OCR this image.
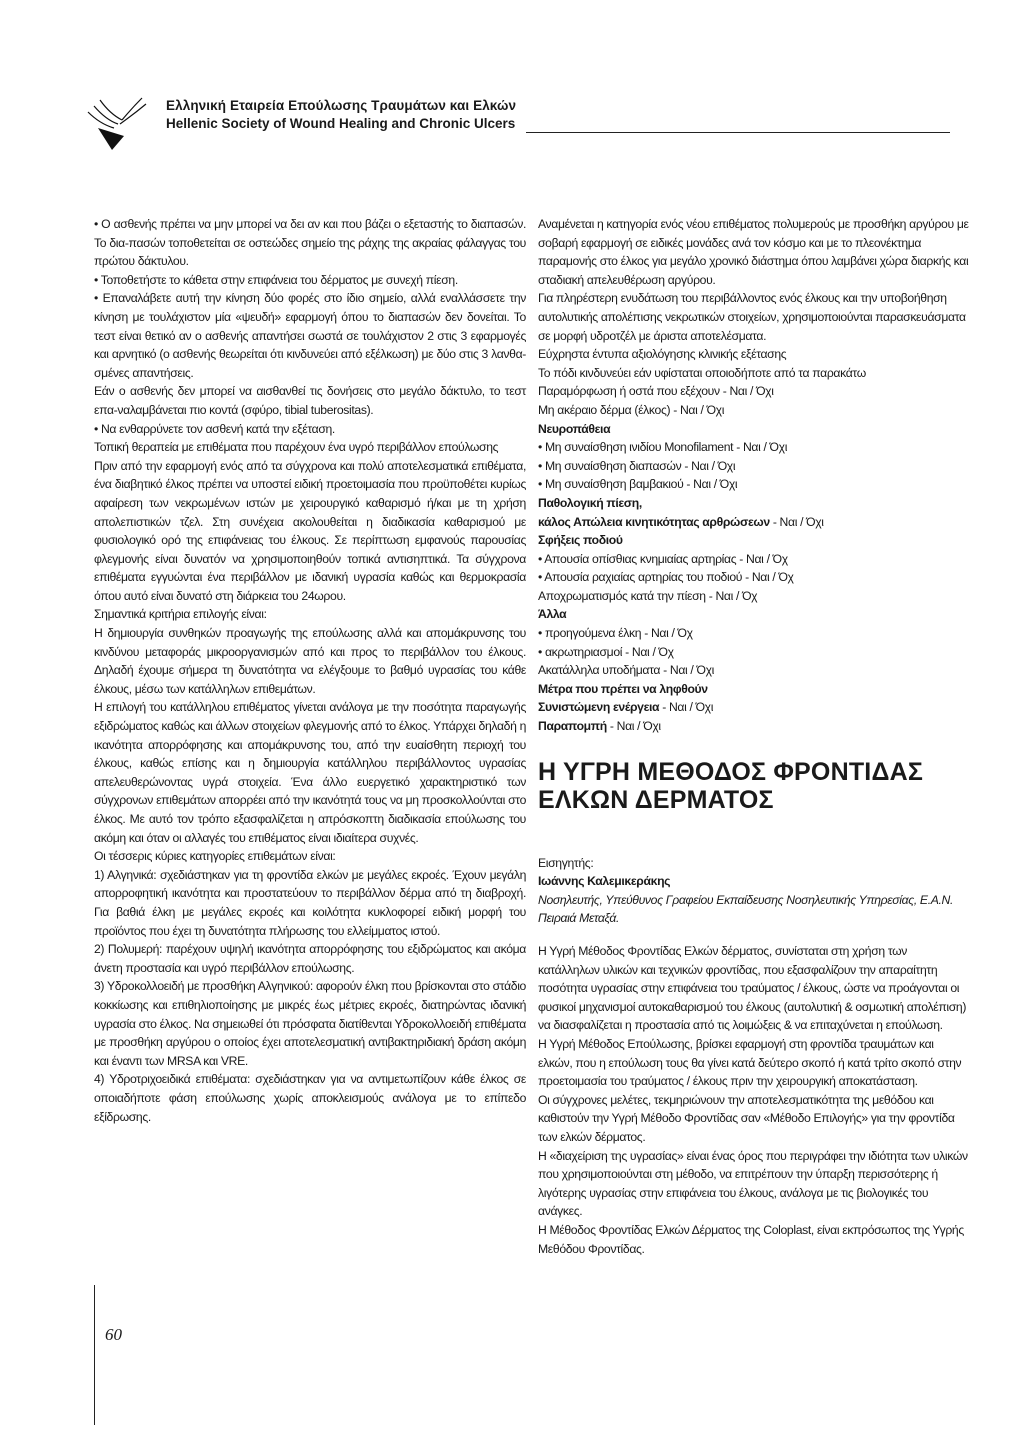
Ελληνική Εταιρεία Επούλωσης Τραυμάτων και Ελκών
Hellenic Society of Wound Healing and Chronic Ulcers

• Ο ασθενής πρέπει να μην μπορεί να δει αν και που βάζει ο εξεταστής το διαπασών. Το δια-πασών τοποθετείται σε οστεώδες σημείο της ράχης της ακραίας φάλαγγας του πρώτου δάκτυλου.

• Τοποθετήστε το κάθετα στην επιφάνεια του δέρματος με συνεχή πίεση.

• Επαναλάβετε αυτή την κίνηση δύο φορές στο ίδιο σημείο, αλλά εναλλάσσετε την κίνηση με τουλάχιστον μία «ψευδή» εφαρμογή όπου το διαπασών δεν δονείται. Το τεστ είναι θετικό αν ο ασθενής απαντήσει σωστά σε τουλάχιστον 2 στις 3 εφαρμογές και αρνητικό (ο ασθενής θεωρείται ότι κινδυνεύει από εξέλκωση) με δύο στις 3 λανθα-σμένες απαντήσεις.

Εάν ο ασθενής δεν μπορεί να αισθανθεί τις δονήσεις στο μεγάλο δάκτυλο, το τεστ επα-ναλαμβάνεται πιο κοντά (σφύρο, tibial tuberositas).

• Να ενθαρρύνετε τον ασθενή κατά την εξέταση.

Τοπική θεραπεία με επιθέματα που παρέχουν ένα υγρό περιβάλλον επούλωσης

Πριν από την εφαρμογή ενός από τα σύγχρονα και πολύ αποτελεσματικά επιθέματα, ένα διαβητικό έλκος πρέπει να υποστεί ειδική προετοιμασία που προϋποθέτει κυρίως αφαίρεση των νεκρωμένων ιστών με χειρουργικό καθαρισμό ή/και με τη χρήση απολεπιστικών τζελ. Στη συνέχεια ακολουθείται η διαδικασία καθαρισμού με φυσιολογικό ορό της επιφάνειας του έλκους. Σε περίπτωση εμφανούς παρουσίας φλεγμονής είναι δυνατόν να χρησιμοποιηθούν τοπικά αντισηπτικά. Τα σύγχρονα επιθέματα εγγυώνται ένα περιβάλλον με ιδανική υγρασία καθώς και θερμοκρασία όπου αυτό είναι δυνατό στη διάρκεια του 24ωρου.

Σημαντικά κριτήρια επιλογής είναι:

Η δημιουργία συνθηκών προαγωγής της επούλωσης αλλά και απομάκρυνσης του κινδύνου μεταφοράς μικροοργανισμών από και προς το περιβάλλον του έλκους. Δηλαδή έχουμε σήμερα τη δυνατότητα να ελέγξουμε το βαθμό υγρασίας του κάθε έλκους, μέσω των κατάλληλων επιθεμάτων.

Η επιλογή του κατάλληλου επιθέματος γίνεται ανάλογα με την ποσότητα παραγωγής εξιδρώματος καθώς και άλλων στοιχείων φλεγμονής από το έλκος. Υπάρχει δηλαδή η ικανότητα απορρόφησης και απομάκρυνσης του, από την ευαίσθητη περιοχή του έλκους, καθώς επίσης και η δημιουργία κατάλληλου περιβάλλοντος υγρασίας απελευθερώνοντας υγρά στοιχεία. Ένα άλλο ευεργετικό χαρακτηριστικό των σύγχρονων επιθεμάτων απορρέει από την ικανότητά τους να μη προσκολλούνται στο έλκος. Με αυτό τον τρόπο εξασφαλίζεται η απρόσκοπτη διαδικασία επούλωσης του ακόμη και όταν οι αλλαγές του επιθέματος είναι ιδιαίτερα συχνές.

Οι τέσσερις κύριες κατηγορίες επιθεμάτων είναι:

1) Αλγηνικά: σχεδιάστηκαν για τη φροντίδα ελκών με μεγάλες εκροές. Έχουν μεγάλη απορροφητική ικανότητα και προστατεύουν το περιβάλλον δέρμα από τη διαβροχή. Για βαθιά έλκη με μεγάλες εκροές και κοιλότητα κυκλοφορεί ειδική μορφή του προϊόντος που έχει τη δυνατότητα πλήρωσης του ελλείμματος ιστού.

2) Πολυμερή: παρέχουν υψηλή ικανότητα απορρόφησης του εξιδρώματος και ακόμα άνετη προστασία και υγρό περιβάλλον επούλωσης.

3) Υδροκολλοειδή με προσθήκη Αλγηνικού: αφορούν έλκη που βρίσκονται στο στάδιο κοκκίωσης και επιθηλιοποίησης με μικρές έως μέτριες εκροές, διατηρώντας ιδανική υγρασία στο έλκος. Να σημειωθεί ότι πρόσφατα διατίθενται Υδροκολλοειδή επιθέματα με προσθήκη αργύρου ο οποίος έχει αποτελεσματική αντιβακτηριδιακή δράση ακόμη και έναντι των MRSA και VRE.

4) Υδροτριχοειδικά επιθέματα: σχεδιάστηκαν για να αντιμετωπίζουν κάθε έλκος σε οποιαδήποτε φάση επούλωσης χωρίς αποκλεισμούς ανάλογα με το επίπεδο εξίδρωσης.

Αναμένεται η κατηγορία ενός νέου επιθέματος πολυμερούς με προσθήκη αργύρου με σοβαρή εφαρμογή σε ειδικές μονάδες ανά τον κόσμο και με το πλεονέκτημα παραμονής στο έλκος για μεγάλο χρονικό διάστημα όπου λαμβάνει χώρα διαρκής και σταδιακή απελευθέρωση αργύρου.

Για πληρέστερη ενυδάτωση του περιβάλλοντος ενός έλκους και την υποβοήθηση αυτολυτικής απολέπισης νεκρωτικών στοιχείων, χρησιμοποιούνται παρασκευάσματα σε μορφή υδροτζέλ με άριστα αποτελέσματα.

Εύχρηστα έντυπα αξιολόγησης κλινικής εξέτασης

Το πόδι κινδυνεύει εάν υφίσταται οποιοδήποτε από τα παρακάτω

Παραμόρφωση ή οστά που εξέχουν - Ναι / Όχι

Μη ακέραιο δέρμα (έλκος) - Ναι / Όχι

Νευροπάθεια

• Μη συναίσθηση ινιδίου Monofilament - Ναι / Όχι

• Μη συναίσθηση διαπασών - Ναι / Όχι

• Μη συναίσθηση βαμβακιού - Ναι / Όχι

Παθολογική πίεση,

κάλος Απώλεια κινητικότητας αρθρώσεων - Ναι / Όχι

Σφήξεις ποδιού

• Απουσία οπίσθιας κνημιαίας αρτηρίας - Ναι / Όχ

• Απουσία ραχιαίας αρτηρίας του ποδιού - Ναι / Όχ

Αποχρωματισμός κατά την πίεση - Ναι / Όχ

Άλλα

• προηγούμενα έλκη - Ναι / Όχ

• ακρωτηριασμοί - Ναι / Όχ

Ακατάλληλα υποδήματα - Ναι / Όχι

Μέτρα που πρέπει να ληφθούν

Συνιστώμενη ενέργεια - Ναι / Όχι

Παραπομπή - Ναι / Όχι

Η ΥΓΡΗ ΜΕΘΟΔΟΣ ΦΡΟΝΤΙΔΑΣ ΕΛΚΩΝ ΔΕΡΜΑΤΟΣ

Εισηγητής:

Ιωάννης Καλεμικεράκης

Νοσηλευτής, Υπεύθυνος Γραφείου Εκπαίδευσης Νοσηλευτικής Υπηρεσίας, Ε.Α.Ν. Πειραιά Μεταξά.

Η Υγρή Μέθοδος Φροντίδας Ελκών δέρματος, συνίσταται στη χρήση των κατάλληλων υλικών και τεχνικών φροντίδας, που εξασφαλίζουν την απαραίτητη ποσότητα υγρασίας στην επιφάνεια του τραύματος / έλκους, ώστε να προάγονται οι φυσικοί μηχανισμοί αυτοκαθαρισμού του έλκους (αυτολυτική & οσμωτική απολέπιση) να διασφαλίζεται η προστασία από τις λοιμώξεις & να επιταχύνεται η επούλωση.

Η Υγρή Μέθοδος Επούλωσης, βρίσκει εφαρμογή στη φροντίδα τραυμάτων και ελκών, που η επούλωση τους θα γίνει κατά δεύτερο σκοπό ή κατά τρίτο σκοπό στην προετοιμασία του τραύματος / έλκους πριν την χειρουργική αποκατάσταση.

Οι σύγχρονες μελέτες, τεκμηριώνουν την αποτελεσματικότητα της μεθόδου και καθιστούν την Υγρή Μέθοδο Φροντίδας σαν «Μέθοδο Επιλογής» για την φροντίδα των ελκών δέρματος.

Η «διαχείριση της υγρασίας» είναι ένας όρος που περιγράφει την ιδιότητα των υλικών που χρησιμοποιούνται στη μέθοδο, να επιτρέπουν την ύπαρξη περισσότερης ή λιγότερης υγρασίας στην επιφάνεια του έλκους, ανάλογα με τις βιολογικές του ανάγκες.

Η Μέθοδος Φροντίδας Ελκών Δέρματος της Coloplast, είναι εκπρόσωπος της Υγρής Μεθόδου Φροντίδας.

60
